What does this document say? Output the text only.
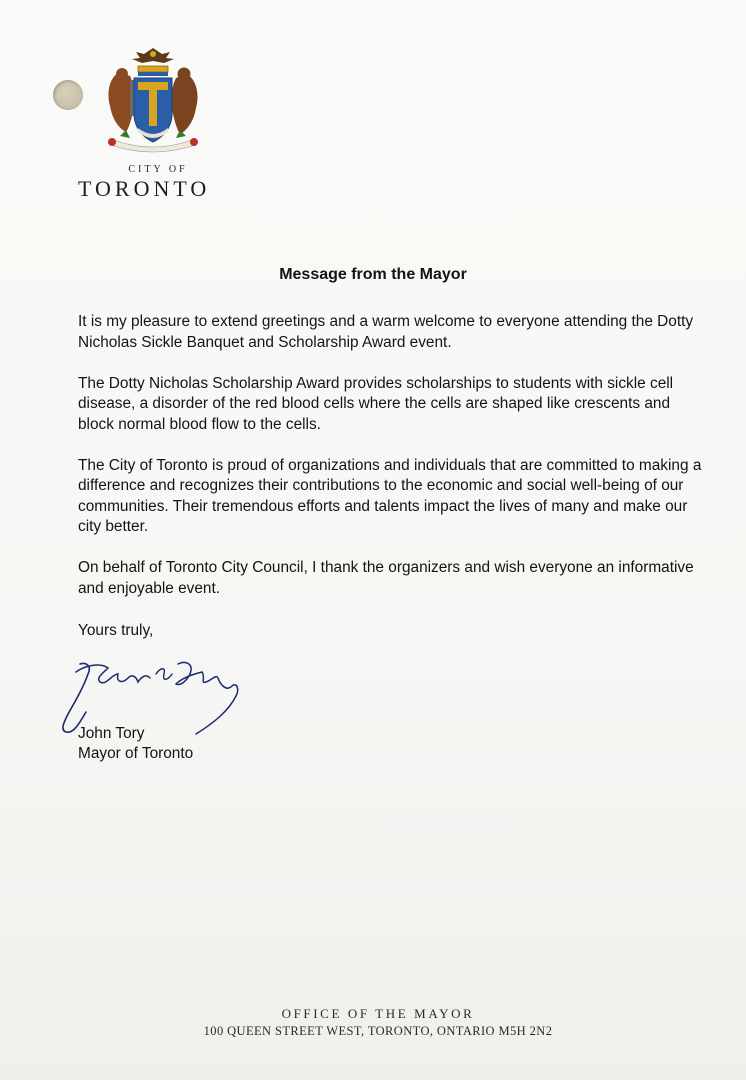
CITY OF
TORONTO
Message from the Mayor

It is my pleasure to extend greetings and a warm welcome to everyone attending the Dotty Nicholas Sickle Banquet and Scholarship Award event.

The Dotty Nicholas Scholarship Award provides scholarships to students with sickle cell disease, a disorder of the red blood cells where the cells are shaped like crescents and block normal blood flow to the cells.

The City of Toronto is proud of organizations and individuals that are committed to making a difference and recognizes their contributions to the economic and social well-being of our communities. Their tremendous efforts and talents impact the lives of many and make our city better.

On behalf of Toronto City Council, I thank the organizers and wish everyone an informative and enjoyable event.

Yours truly,
John Tory
Mayor of Toronto
OFFICE OF THE MAYOR
100 QUEEN STREET WEST, TORONTO, ONTARIO M5H 2N2
